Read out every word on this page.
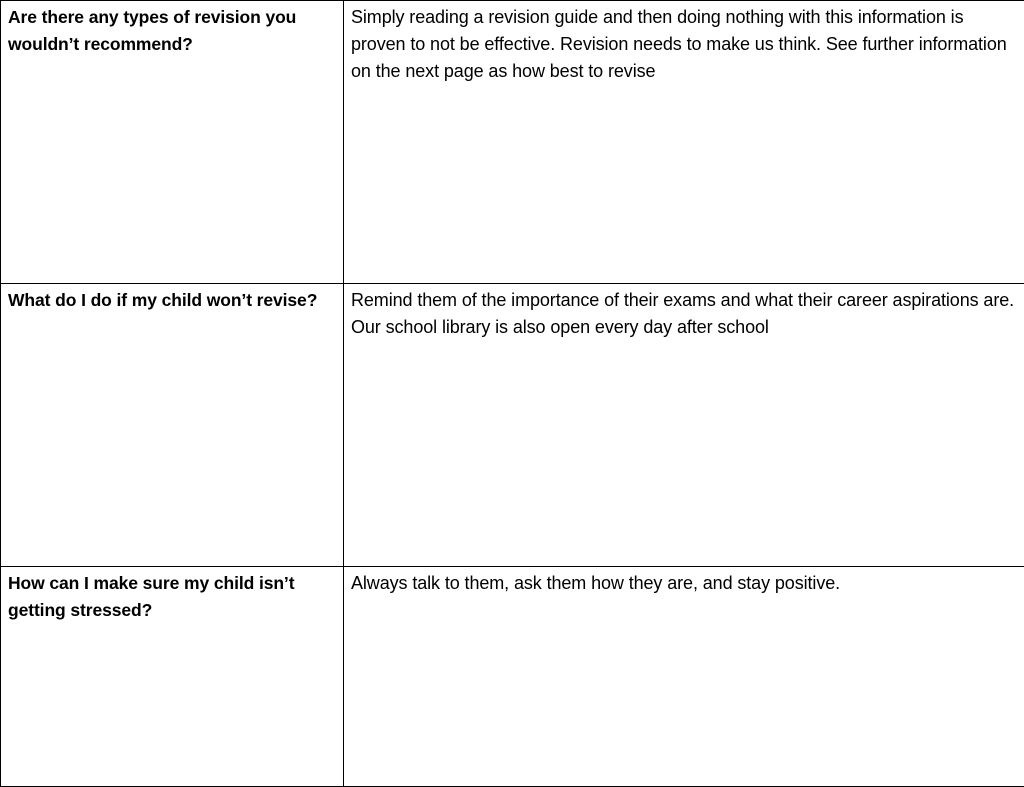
Are there any types of revision you wouldn’t recommend?	Simply reading a revision guide and then doing nothing with this information is proven to not be effective. Revision needs to make us think. See further information on the next page as how best to revise

What do I do if my child won’t revise?	Remind them of the importance of their exams and what their career aspirations are.
Our school library is also open every day after school

How can I make sure my child isn’t getting stressed?	Always talk to them, ask them how they are, and stay positive.
